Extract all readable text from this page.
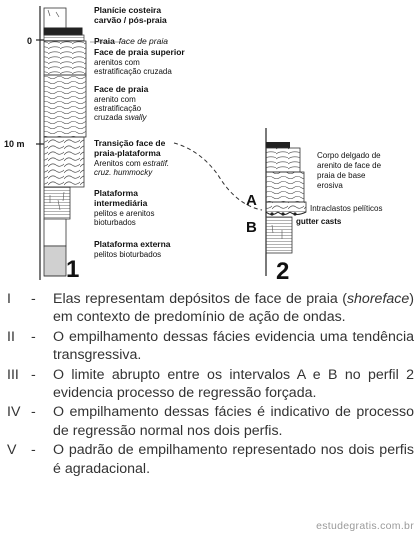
0
10 m
Planície costeira
carvão / pós-praia
Praia face de praia
Face de praia superior
arenitos com
estratificação cruzada
Face de praia
arenito com
estratificação
cruzada swally
Transição face de
praia-plataforma
Arenitos com estratif.
cruz. hummocky
Plataforma
intermediária
pelitos e arenitos
bioturbados
Plataforma externa
pelitos bioturbados
1
A
B
Corpo delgado de
arenito de face de
praia de base
erosiva
Intraclastos pelíticos
gutter casts
2
I	-	Elas representam depósitos de face de praia (shoreface) em contexto de predomínio de ação de ondas.
II	-	O empilhamento dessas fácies evidencia uma tendência transgressiva.
III -	O limite abrupto entre os intervalos A e B no perfil 2 evidencia processo de regressão forçada.
IV -	O empilhamento dessas fácies é indicativo de processo de regressão normal nos dois perfis.
V	-	O padrão de empilhamento representado nos dois perfis é agradacional.
estudegratis.com.br
